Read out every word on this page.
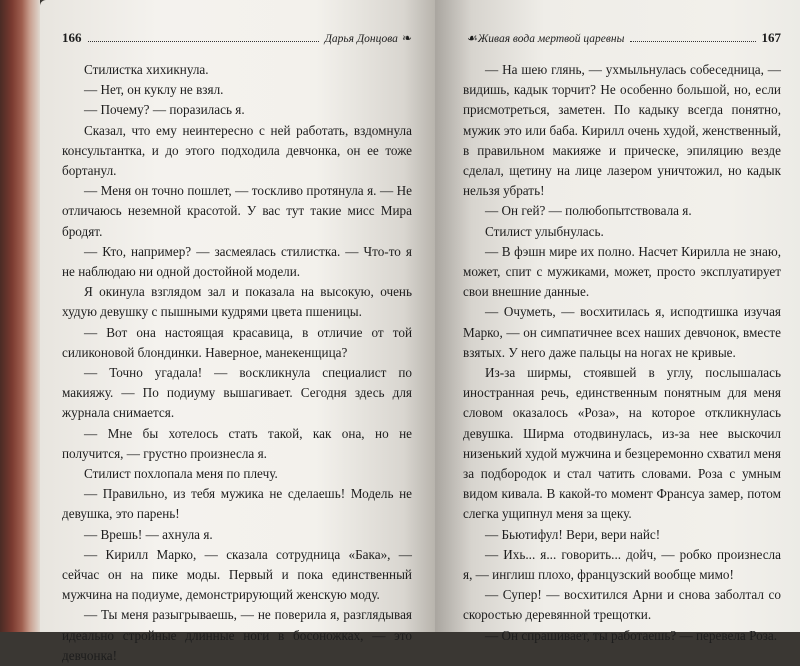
166	Дарья Донцова ❧

Стилистка хихикнула.

— Нет, он куклу не взял.

— Почему? — поразилась я.

Сказал, что ему неинтересно с ней работать, вздомнула консультантка, и до этого подходила девчонка, он ее тоже бортанул.

— Меня он точно пошлет, — тоскливо протянула я. — Не отличаюсь неземной красотой. У вас тут такие мисс Мира бродят.

— Кто, например? — засмеялась стилистка. — Что-то я не наблюдаю ни одной достойной модели.

Я окинула взглядом зал и показала на высокую, очень худую девушку с пышными кудрями цвета пшеницы.

— Вот она настоящая красавица, в отличие от той силиконовой блондинки. Наверное, манекенщица?

— Точно угадала! — воскликнула специалист по макияжу. — По подиуму вышагивает. Сегодня здесь для журнала снимается.

— Мне бы хотелось стать такой, как она, но не получится, — грустно произнесла я.

Стилист похлопала меня по плечу.

— Правильно, из тебя мужика не сделаешь! Модель не девушка, это парень!

— Врешь! — ахнула я.

— Кирилл Марко, — сказала сотрудница «Бака», — сейчас он на пике моды. Первый и пока единственный мужчина на подиуме, демонстрирующий женскую моду.

— Ты меня разыгрываешь, — не поверила я, разглядывая идеально стройные длинные ноги в босоножках, — это девчонка!

☙ Живая вода мертвой царевны	167

— На шею глянь, — ухмыльнулась собеседница, — видишь, кадык торчит? Не особенно большой, но, если присмотреться, заметен. По кадыку всегда понятно, мужик это или баба. Кирилл очень худой, женственный, в правильном макияже и прическе, эпиляцию везде сделал, щетину на лице лазером уничтожил, но кадык нельзя убрать!

— Он гей? — полюбопытствовала я.

Стилист улыбнулась.

— В фэшн мире их полно. Насчет Кирилла не знаю, может, спит с мужиками, может, просто эксплуатирует свои внешние данные.

— Очуметь, — восхитилась я, исподтишка изучая Марко, — он симпатичнее всех наших девчонок, вместе взятых. У него даже пальцы на ногах не кривые.

Из-за ширмы, стоявшей в углу, послышалась иностранная речь, единственным понятным для меня словом оказалось «Роза», на которое откликнулась девушка. Ширма отодвинулась, из-за нее выскочил низенький худой мужчина и безцеремонно схватил меня за подбородок и стал чатить словами. Роза с умным видом кивала. В какой-то момент Франсуа замер, потом слегка ущипнул меня за щеку.

— Бьютифул! Вери, вери найс!

— Ихь... я... говорить... дойч, — робко произнесла я, — инглиш плохо, французский вообще мимо!

— Супер! — восхитился Арни и снова заболтал со скоростью деревянной трещотки.

— Он спрашивает, ты работаешь? — перевела Роза.
